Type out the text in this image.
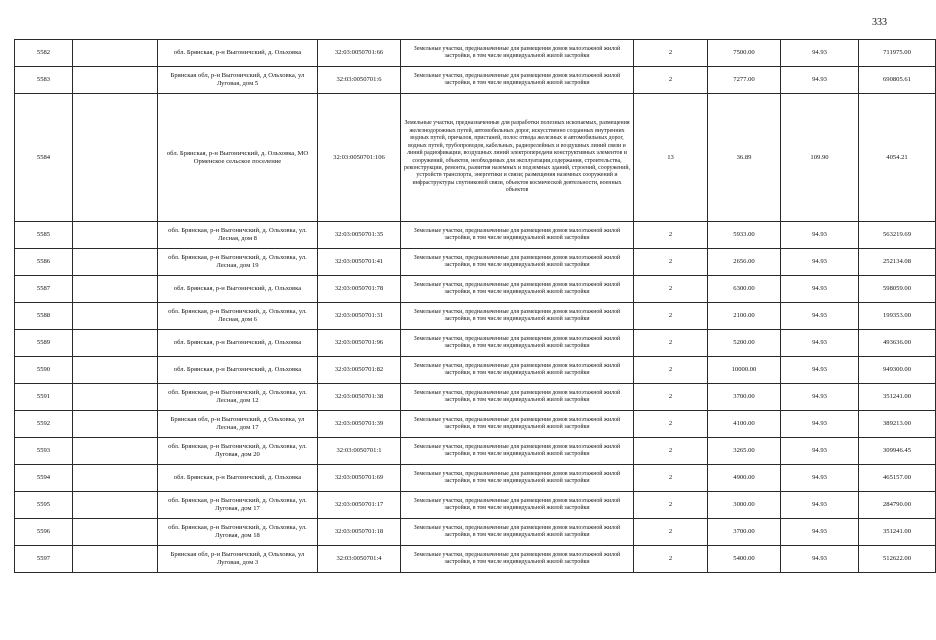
333
5582		обл. Брянская, р-н Выгоничский, д. Ольховка	32:03:0050701:66	Земельные участки, предназначенные для размещения домов малоэтажной жилой застройки, в том числе индивидуальной жилой застройки	2	7500.00	94.93	711975.00
5583		Брянская обл, р-н Выгоничский, д Ольховка, ул Луговая, дом 5	32:03:0050701:6	Земельные участки, предназначенные для размещения домов малоэтажной жилой застройки, в том числе индивидуальной жилой застройки	2	7277.00	94.93	690805.61
5584		обл. Брянская, р-н Выгоничский, д. Ольховка, МО Орменское сельское поселение	32:03:0050701:106	Земельные участки, предназначенные для разработки полезных ископаемых, размещения железнодорожных путей, автомобильных дорог, искусственно созданных внутренних водных путей, причалов, пристаней, полос отвода железных и автомобильных дорог, водных путей, трубопроводов, кабельных, радиорелейных и воздушных линий связи и линий радиофикации, воздушных линий электропередачи конструктивных элементов и сооружений, объектов, необходимых для эксплуатации,содержания, строительства, реконструкции, ремонта, развития наземных и подземных зданий, строений, сооружений, устройств транспорта, энергетики и связи; размещения наземных сооружений и инфраструктуры спутниковой связи, объектов космической деятельности, военных объектов	13	36.89	109.90	4054.21
5585		обл. Брянская, р-н Выгоничский, д. Ольховка, ул. Лесная, дом 8	32:03:0050701:35	Земельные участки, предназначенные для размещения домов малоэтажной жилой застройки, в том числе индивидуальной жилой застройки	2	5933.00	94.93	563219.69
5586		обл. Брянская, р-н Выгоничский, д. Ольховка, ул. Лесная, дом 19	32:03:0050701:41	Земельные участки, предназначенные для размещения домов малоэтажной жилой застройки, в том числе индивидуальной жилой застройки	2	2656.00	94.93	252134.08
5587		обл. Брянская, р-н Выгоничский, д. Ольховка	32:03:0050701:78	Земельные участки, предназначенные для размещения домов малоэтажной жилой застройки, в том числе индивидуальной жилой застройки	2	6300.00	94.93	598059.00
5588		обл. Брянская, р-н Выгоничский, д. Ольховка, ул. Лесная, дом 6	32:03:0050701:31	Земельные участки, предназначенные для размещения домов малоэтажной жилой застройки, в том числе индивидуальной жилой застройки	2	2100.00	94.93	199353.00
5589		обл. Брянская, р-н Выгоничский, д. Ольховка	32:03:0050701:96	Земельные участки, предназначенные для размещения домов малоэтажной жилой застройки, в том числе индивидуальной жилой застройки	2	5200.00	94.93	493636.00
5590		обл. Брянская, р-н Выгоничский, д. Ольховка	32:03:0050701:82	Земельные участки, предназначенные для размещения домов малоэтажной жилой застройки, в том числе индивидуальной жилой застройки	2	10000.00	94.93	949300.00
5591		обл. Брянская, р-н Выгоничский, д. Ольховка, ул. Лесная, дом 12	32:03:0050701:38	Земельные участки, предназначенные для размещения домов малоэтажной жилой застройки, в том числе индивидуальной жилой застройки	2	3700.00	94.93	351241.00
5592		Брянская обл, р-н Выгоничский, д Ольховка, ул Лесная, дом 17	32:03:0050701:39	Земельные участки, предназначенные для размещения домов малоэтажной жилой застройки, в том числе индивидуальной жилой застройки	2	4100.00	94.93	389213.00
5593		обл. Брянская, р-н Выгоничский, д. Ольховка, ул. Луговая, дом 20	32:03:0050701:1	Земельные участки, предназначенные для размещения домов малоэтажной жилой застройки, в том числе индивидуальной жилой застройки	2	3265.00	94.93	309946.45
5594		обл. Брянская, р-н Выгоничский, д. Ольховка	32:03:0050701:69	Земельные участки, предназначенные для размещения домов малоэтажной жилой застройки, в том числе индивидуальной жилой застройки	2	4900.00	94.93	465157.00
5595		обл. Брянская, р-н Выгоничский, д. Ольховка, ул. Луговая, дом 17	32:03:0050701:17	Земельные участки, предназначенные для размещения домов малоэтажной жилой застройки, в том числе индивидуальной жилой застройки	2	3000.00	94.93	284790.00
5596		обл. Брянская, р-н Выгоничский, д. Ольховка, ул. Луговая, дом 18	32:03:0050701:18	Земельные участки, предназначенные для размещения домов малоэтажной жилой застройки, в том числе индивидуальной жилой застройки	2	3700.00	94.93	351241.00
5597		Брянская обл, р-н Выгоничский, д Ольховка, ул Луговая, дом 3	32:03:0050701:4	Земельные участки, предназначенные для размещения домов малоэтажной жилой застройки, в том числе индивидуальной жилой застройки	2	5400.00	94.93	512622.00
